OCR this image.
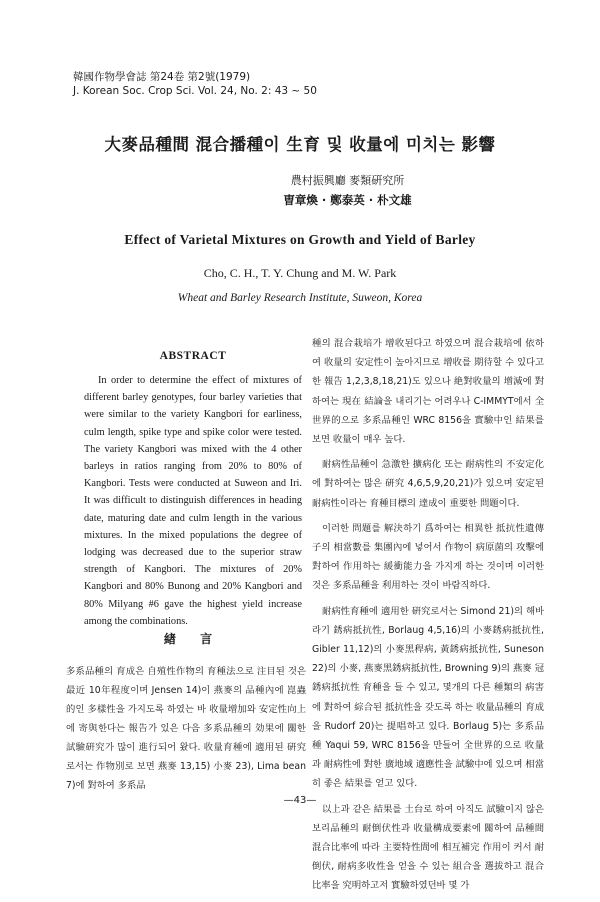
韓國作物學會誌 第24卷 第2號(1979)
J. Korean Soc. Crop Sci. Vol. 24, No. 2: 43 ~ 50
大麥品種間 混合播種이 生育 및 收量에 미치는 影響
農村振興廳 麥類硏究所
曺章煥 · 鄭泰英 · 朴文雄
Effect of Varietal Mixtures on Growth and Yield of Barley
Cho, C. H., T. Y. Chung and M. W. Park
Wheat and Barley Research Institute, Suweon, Korea
ABSTRACT

In order to determine the effect of mixtures of different barley genotypes, four barley varieties that were similar to the variety Kangbori for earliness, culm length, spike type and spike color were tested. The variety Kangbori was mixed with the 4 other barleys in ratios ranging from 20% to 80% of Kangbori. Tests were conducted at Suweon and Iri. It was difficult to distinguish differences in heading date, maturing date and culm length in the various mixtures. In the mixed populations the degree of lodging was decreased due to the superior straw strength of Kangbori. The mixtures of 20% Kangbori and 80% Bunong and 20% Kangbori and 80% Milyang #6 gave the highest yield increase among the combinations.

緖 言
多系品種의 育成은 自殖性作物의 育種法으로 注目된 것은 最近 10年程度이며 Jensen 14)이 燕麥의 品種內에 崑蟲的인 多樣性을 가지도록 하였는 바 收量增加와 安定性向上에 寄與한다는 報告가 있은 다음 多系品種의 効果에 關한 試驗硏究가 많이 進行되어 왔다. 收量育種에 適用된 硏究로서는 作物別로 보면 燕麥 13,15) 小麥 23), Lima bean 7)에 對하여 多系品

種의 混合栽培가 增收된다고 하였으며 混合栽培에 依하여 收量의 安定性이 높아지므로 增收를 期待할 수 있다고 한 報告 1,2,3,8,18,21)도 있으나 絶對收量의 增減에 對하여는 現在 結論을 내리기는 어려우나 C-IMMYT에서 全世界的으로 多系品種인 WRC 8156을 實驗中인 結果를 보면 收量이 매우 높다.

耐病性品種이 急激한 擴病化 또는 耐病性의 不安定化에 對하여는 많은 硏究 4,6,5,9,20,21)가 있으며 安定된 耐病性이라는 育種目標의 達成이 重要한 問題이다.

이러한 問題를 解決하기 爲하여는 相異한 抵抗性遺傳子의 相當數를 集團內에 넣어서 作物이 病原菌의 攻擊에 對하여 作用하는 緩衝能力을 가지게 하는 것이며 이러한 것은 多系品種을 利用하는 것이 바람직하다.

耐病性育種에 適用한 硏究로서는 Simond 21)의 해바라기 銹病抵抗性, Borlaug 4,5,16)의 小麥銹病抵抗性, Gibler 11,12)의 小麥黑稈病, 黃銹病抵抗性, Suneson 22)의 小麥, 燕麥黑銹病抵抗性, Browning 9)의 燕麥 冠銹病抵抗性 育種을 들 수 있고, 몇개의 다른 種類의 病害에 對하여 綜合된 抵抗性을 갖도록 하는 收量品種의 育成을 Rudorf 20)는 提唱하고 있다. Borlaug 5)는 多系品種 Yaqui 59, WRC 8156을 만들어 全世界的으로 收量과 耐病性에 對한 廣地域 適應性을 試驗中에 있으며 相當히 좋은 結果를 얻고 있다.

以上과 같은 結果를 土台로 하여 아직도 試驗이지 않은 보리品種의 耐倒伏性과 收量構成要素에 關하여 品種間 混合比率에 따라 主要特性間에 相互補完 作用이 커서 耐倒伏, 耐病多收性을 얻을 수 있는 組合을 選拔하고 混合比率을 究明하고저 實驗하였던바 몇 가

—43—
